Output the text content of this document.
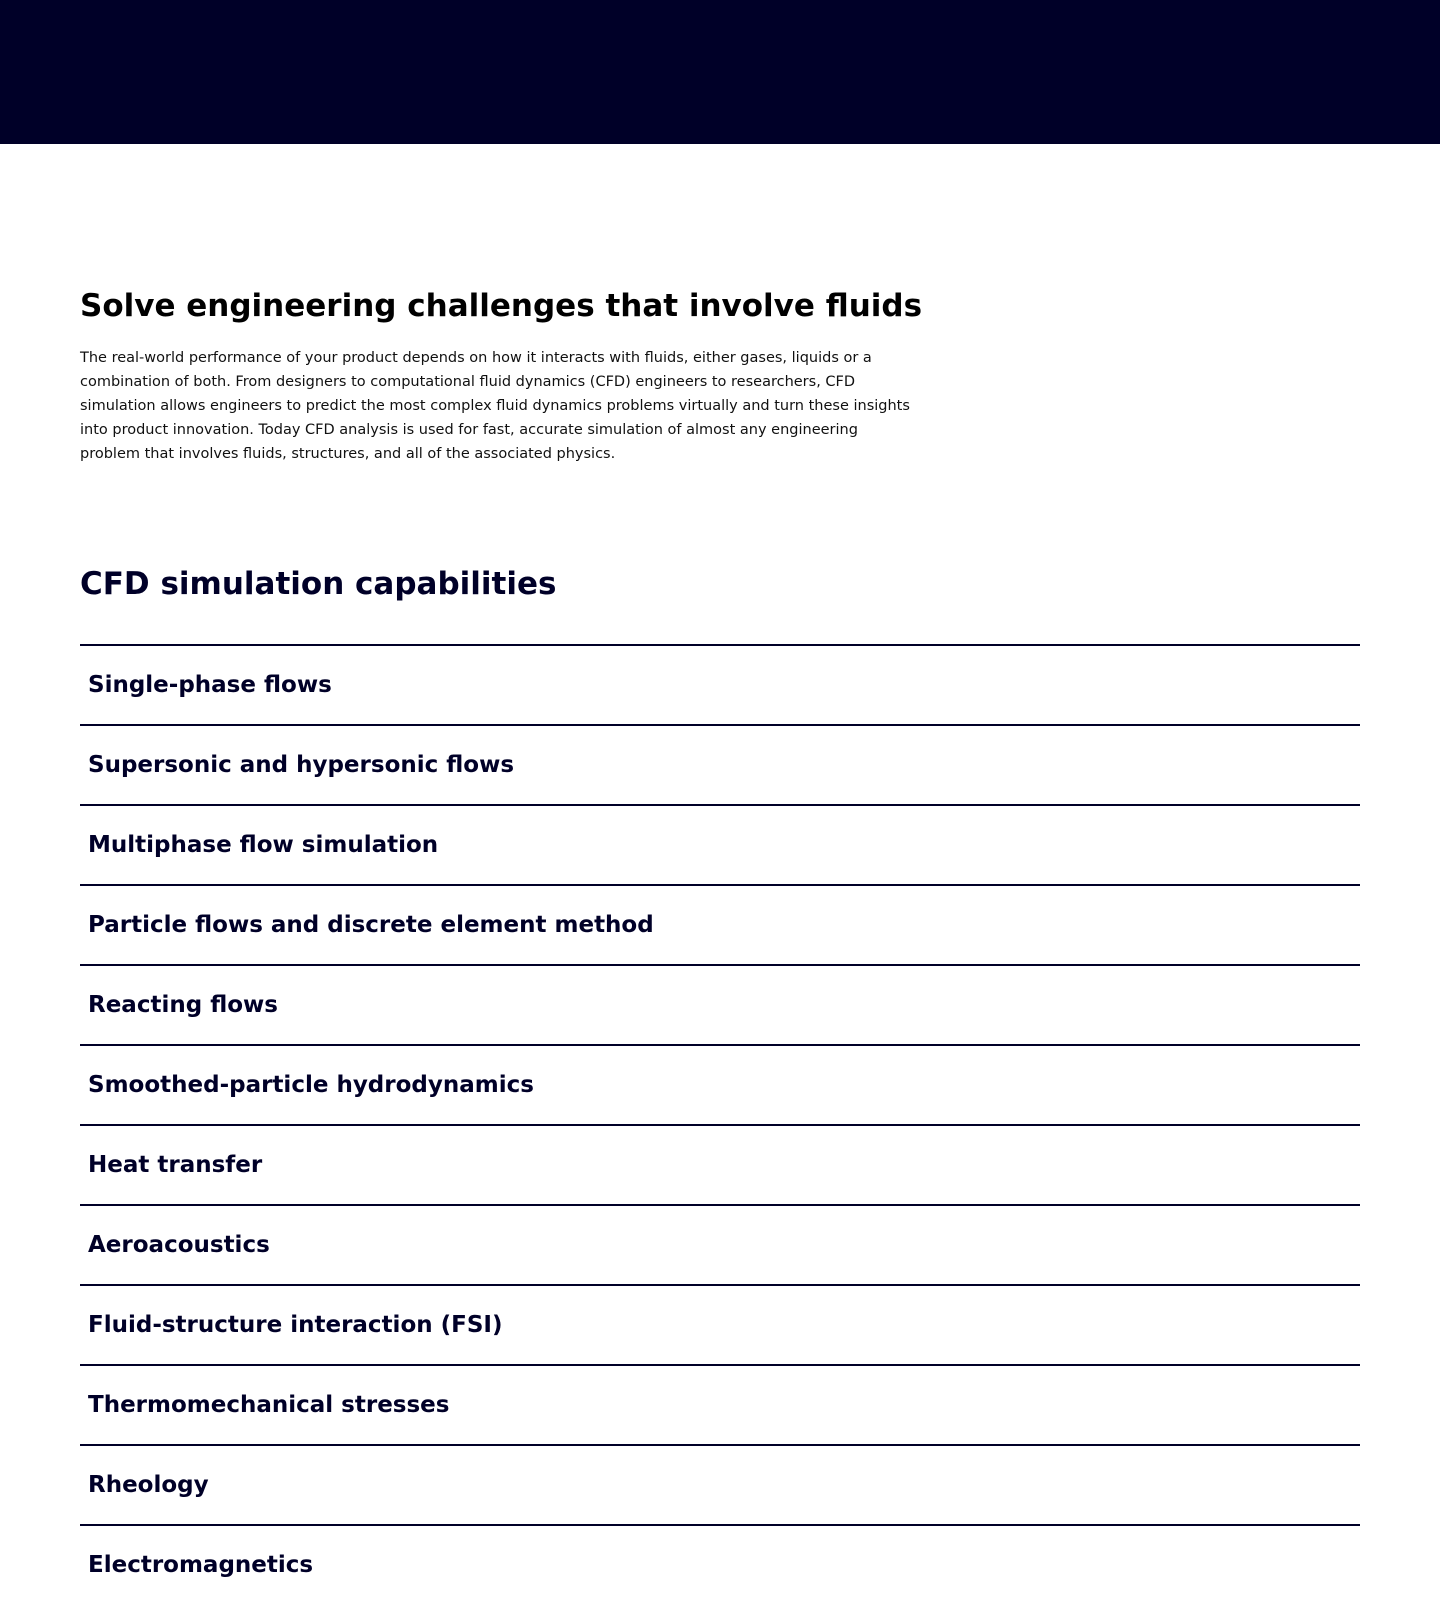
Solve engineering challenges that involve fluids

The real-world performance of your product depends on how it interacts with fluids, either gases, liquids or a combination of both. From designers to computational fluid dynamics (CFD) engineers to researchers, CFD simulation allows engineers to predict the most complex fluid dynamics problems virtually and turn these insights into product innovation. Today CFD analysis is used for fast, accurate simulation of almost any engineering problem that involves fluids, structures, and all of the associated physics.

CFD simulation capabilities
Single-phase flows
Supersonic and hypersonic flows
Multiphase flow simulation
Particle flows and discrete element method
Reacting flows
Smoothed-particle hydrodynamics
Heat transfer
Aeroacoustics
Fluid-structure interaction (FSI)
Thermomechanical stresses
Rheology
Electromagnetics
